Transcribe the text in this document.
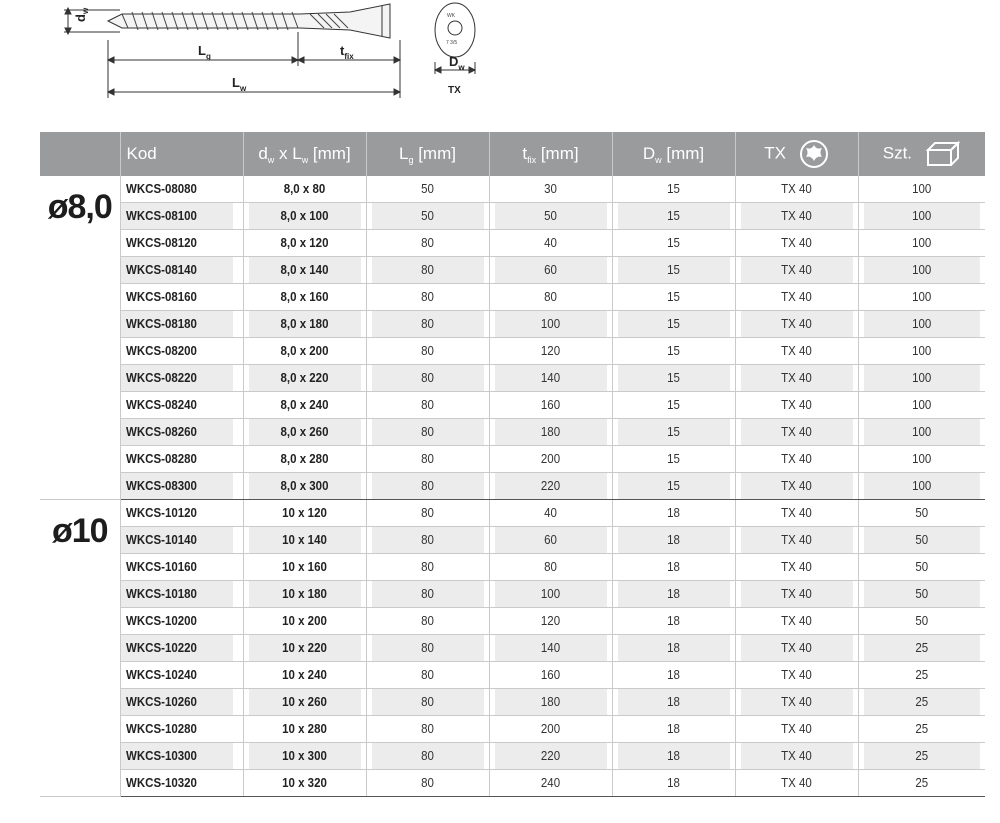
$d_w$
$L_g$	$t_{fix}$
$L_w$
$D_w$
WK
7 3/5
TX
	Kod	$d_w$ x $L_w$ [mm]	$L_g$ [mm]	$t_{fix}$ [mm]	$D_w$ [mm]	TX	Szt.
ø8,0	WKCS-08080	8,0 x 80	50	30	15	TX 40	100
	WKCS-08100	8,0 x 100	50	50	15	TX 40	100
	WKCS-08120	8,0 x 120	80	40	15	TX 40	100
	WKCS-08140	8,0 x 140	80	60	15	TX 40	100
	WKCS-08160	8,0 x 160	80	80	15	TX 40	100
	WKCS-08180	8,0 x 180	80	100	15	TX 40	100
	WKCS-08200	8,0 x 200	80	120	15	TX 40	100
	WKCS-08220	8,0 x 220	80	140	15	TX 40	100
	WKCS-08240	8,0 x 240	80	160	15	TX 40	100
	WKCS-08260	8,0 x 260	80	180	15	TX 40	100
	WKCS-08280	8,0 x 280	80	200	15	TX 40	100
	WKCS-08300	8,0 x 300	80	220	15	TX 40	100
ø10	WKCS-10120	10 x 120	80	40	18	TX 40	50
	WKCS-10140	10 x 140	80	60	18	TX 40	50
	WKCS-10160	10 x 160	80	80	18	TX 40	50
	WKCS-10180	10 x 180	80	100	18	TX 40	50
	WKCS-10200	10 x 200	80	120	18	TX 40	50
	WKCS-10220	10 x 220	80	140	18	TX 40	25
	WKCS-10240	10 x 240	80	160	18	TX 40	25
	WKCS-10260	10 x 260	80	180	18	TX 40	25
	WKCS-10280	10 x 280	80	200	18	TX 40	25
	WKCS-10300	10 x 300	80	220	18	TX 40	25
	WKCS-10320	10 x 320	80	240	18	TX 40	25
